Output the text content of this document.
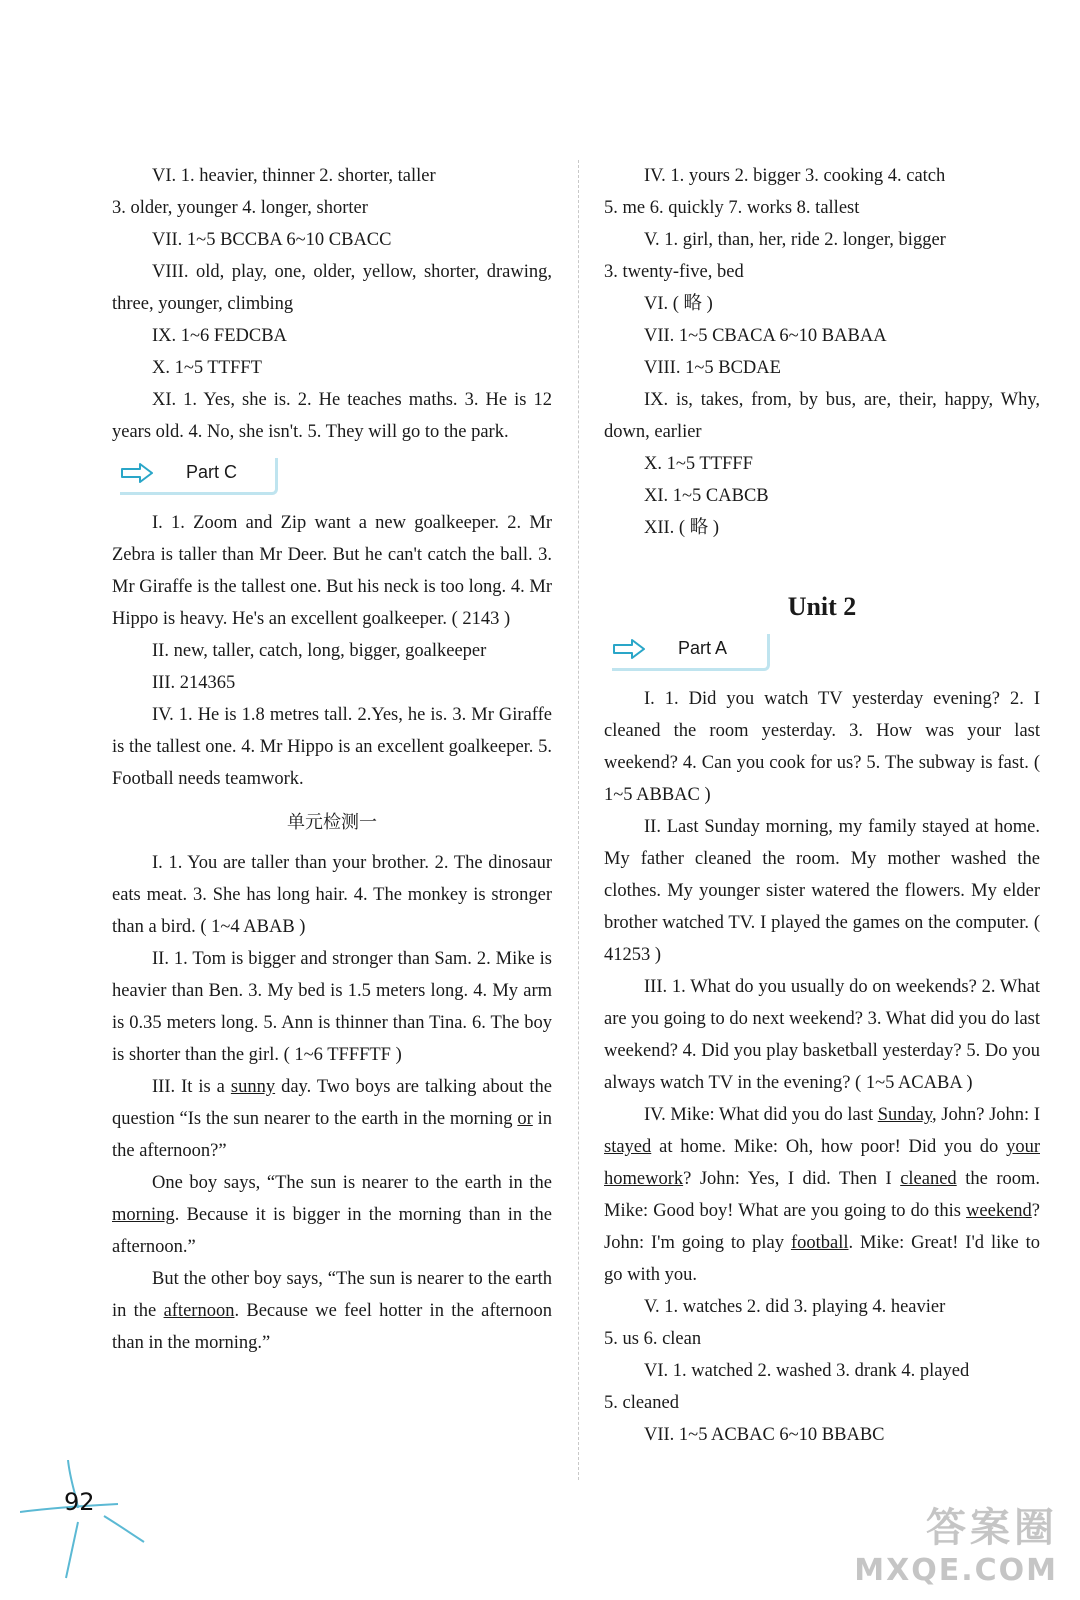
VI. 1. heavier, thinner 2. shorter, taller

3. older, younger 4. longer, shorter

VII. 1~5 BCCBA 6~10 CBACC

VIII. old, play, one, older, yellow, shorter, drawing, three, younger, climbing

IX. 1~6 FEDCBA

X. 1~5 TTFFT

XI. 1. Yes, she is. 2. He teaches maths. 3. He is 12 years old. 4. No, she isn't. 5. They will go to the park.

Part C

I. 1. Zoom and Zip want a new goalkeeper. 2. Mr Zebra is taller than Mr Deer. But he can't catch the ball. 3. Mr Giraffe is the tallest one. But his neck is too long. 4. Mr Hippo is heavy. He's an excellent goalkeeper. ( 2143 )

II. new, taller, catch, long, bigger, goalkeeper

III. 214365

IV. 1. He is 1.8 metres tall. 2.Yes, he is. 3. Mr Giraffe is the tallest one. 4. Mr Hippo is an excellent goalkeeper. 5. Football needs teamwork.

单元检测一

I. 1. You are taller than your brother. 2. The dinosaur eats meat. 3. She has long hair. 4. The monkey is stronger than a bird. ( 1~4 ABAB )

II. 1. Tom is bigger and stronger than Sam. 2. Mike is heavier than Ben. 3. My bed is 1.5 meters long. 4. My arm is 0.35 meters long. 5. Ann is thinner than Tina. 6. The boy is shorter than the girl. ( 1~6 TFFFTF )

III. It is a sunny day. Two boys are talking about the question “Is the sun nearer to the earth in the morning or in the afternoon?”

One boy says, “The sun is nearer to the earth in the morning. Because it is bigger in the morning than in the afternoon.”

But the other boy says, “The sun is nearer to the earth in the afternoon. Because we feel hotter in the afternoon than in the morning.”

IV. 1. yours 2. bigger 3. cooking 4. catch

5. me 6. quickly 7. works 8. tallest

V. 1. girl, than, her, ride 2. longer, bigger

3. twenty-five, bed

VI. ( 略 )

VII. 1~5 CBACA 6~10 BABAA

VIII. 1~5 BCDAE

IX. is, takes, from, by bus, are, their, happy, Why, down, earlier

X. 1~5 TTFFF

XI. 1~5 CABCB

XII. ( 略 )

Unit 2
Part A

I. 1. Did you watch TV yesterday evening? 2. I cleaned the room yesterday. 3. How was your last weekend? 4. Can you cook for us? 5. The subway is fast. ( 1~5 ABBAC )

II. Last Sunday morning, my family stayed at home. My father cleaned the room. My mother washed the clothes. My younger sister watered the flowers. My elder brother watched TV. I played the games on the computer. ( 41253 )

III. 1. What do you usually do on weekends? 2. What are you going to do next weekend? 3. What did you do last weekend? 4. Did you play basketball yesterday? 5. Do you always watch TV in the evening? ( 1~5 ACABA )

IV. Mike: What did you do last Sunday, John? John: I stayed at home. Mike: Oh, how poor! Did you do your homework? John: Yes, I did. Then I cleaned the room. Mike: Good boy! What are you going to do this weekend? John: I'm going to play football. Mike: Great! I'd like to go with you.

V. 1. watches 2. did 3. playing 4. heavier

5. us 6. clean

VI. 1. watched 2. washed 3. drank 4. played

5. cleaned

VII. 1~5 ACBAC 6~10 BBABC

92
答案圈
MXQE.COM
